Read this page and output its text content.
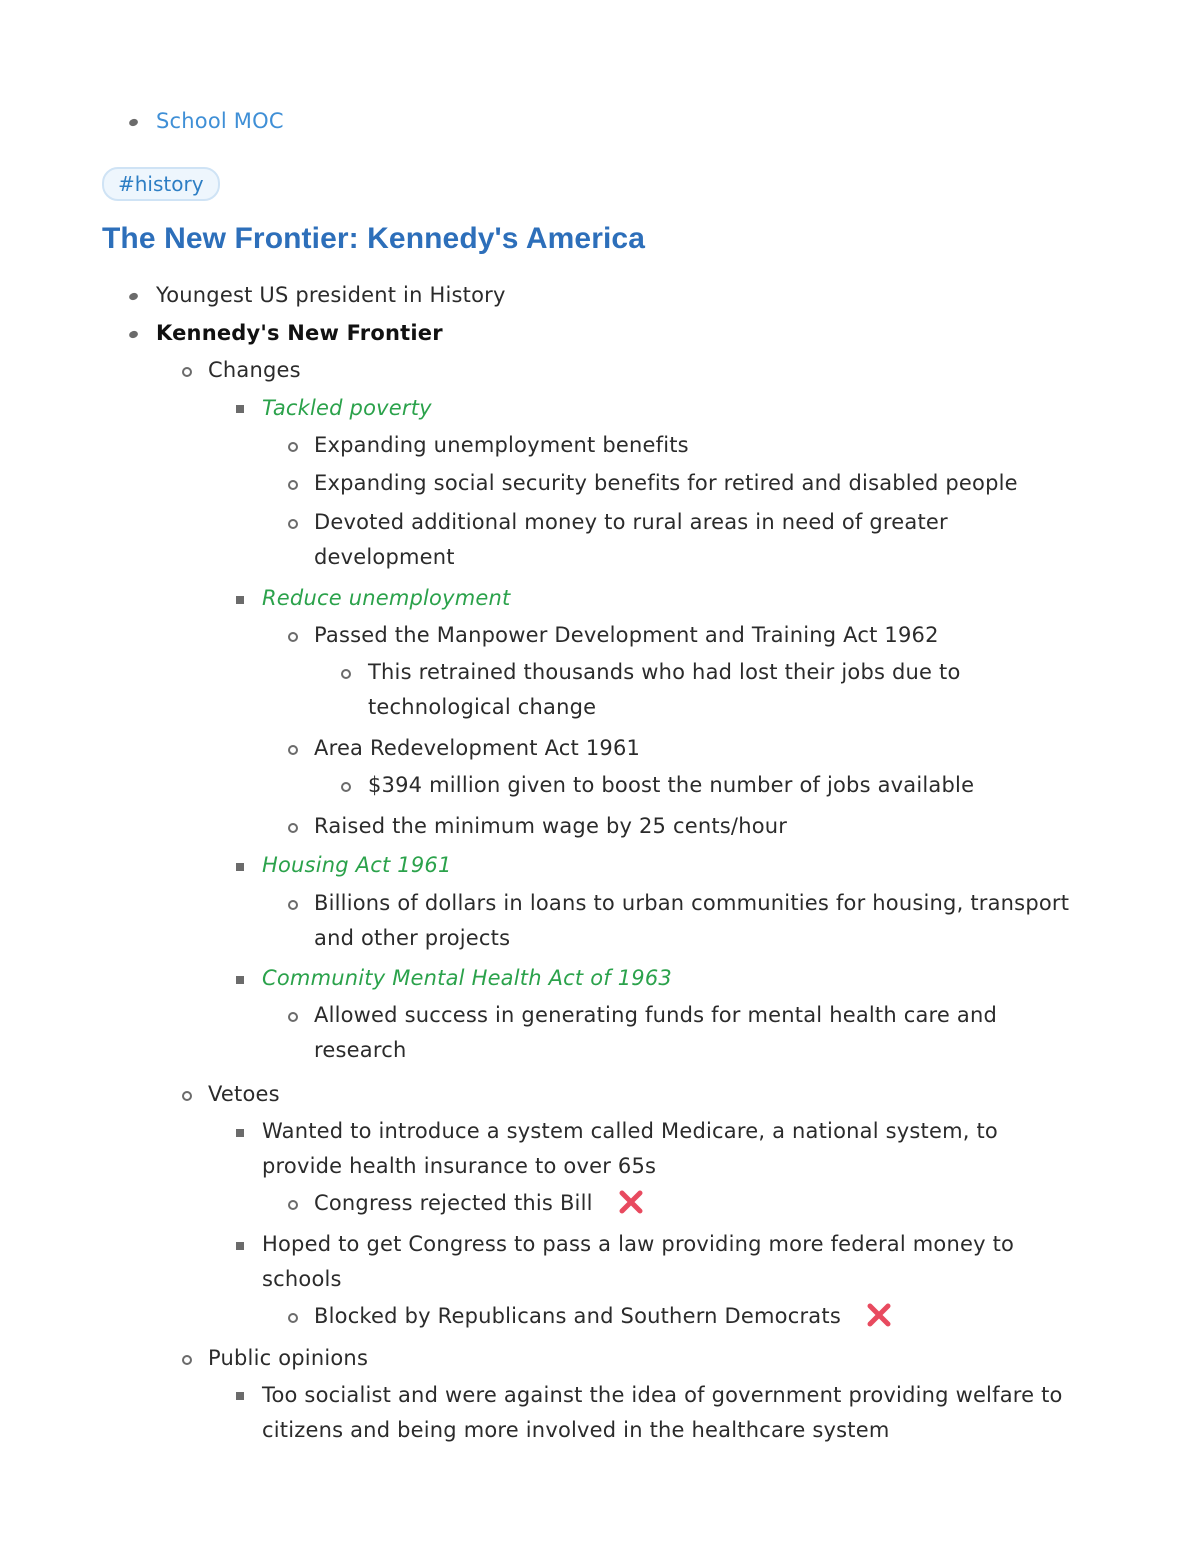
School MOC
#history
The New Frontier: Kennedy's America
Youngest US president in History
Kennedy's New Frontier
Changes
Tackled poverty
Expanding unemployment benefits
Expanding social security benefits for retired and disabled people
Devoted additional money to rural areas in need of greater
development
Reduce unemployment
Passed the Manpower Development and Training Act 1962
This retrained thousands who had lost their jobs due to
technological change
Area Redevelopment Act 1961
$394 million given to boost the number of jobs available
Raised the minimum wage by 25 cents/hour
Housing Act 1961
Billions of dollars in loans to urban communities for housing, transport
and other projects
Community Mental Health Act of 1963
Allowed success in generating funds for mental health care and
research
Vetoes
Wanted to introduce a system called Medicare, a national system, to
provide health insurance to over 65s
Congress rejected this Bill
Hoped to get Congress to pass a law providing more federal money to
schools
Blocked by Republicans and Southern Democrats
Public opinions
Too socialist and were against the idea of government providing welfare to
citizens and being more involved in the healthcare system
